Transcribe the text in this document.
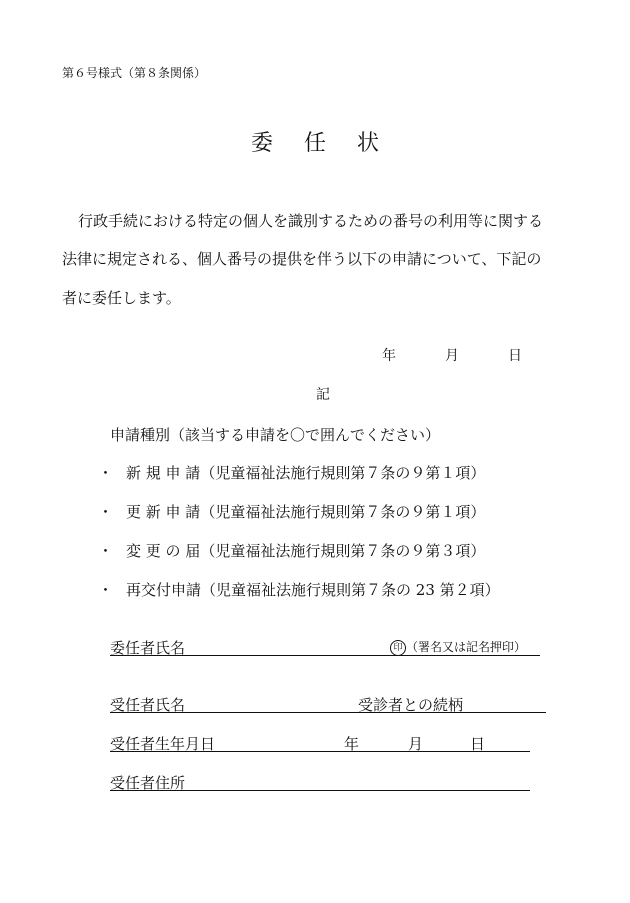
第６号様式（第８条関係）
委 任 状
行政手続における特定の個人を識別するための番号の利用等に関する
法律に規定される、個人番号の提供を伴う以下の申請について、下記の
者に委任します。
年	月	日
記
申請種別（該当する申請を〇で囲んでください）
・ 新 規 申 請（児童福祉法施行規則第７条の９第１項）
・ 更 新 申 請（児童福祉法施行規則第７条の９第１項）
・ 変 更 の 届（児童福祉法施行規則第７条の９第３項）
・ 再交付申請（児童福祉法施行規則第７条の 23 第２項）
委任者氏名	印 （署名又は記名押印）
受任者氏名	受診者との続柄
受任者生年月日	年	月	日
受任者住所
